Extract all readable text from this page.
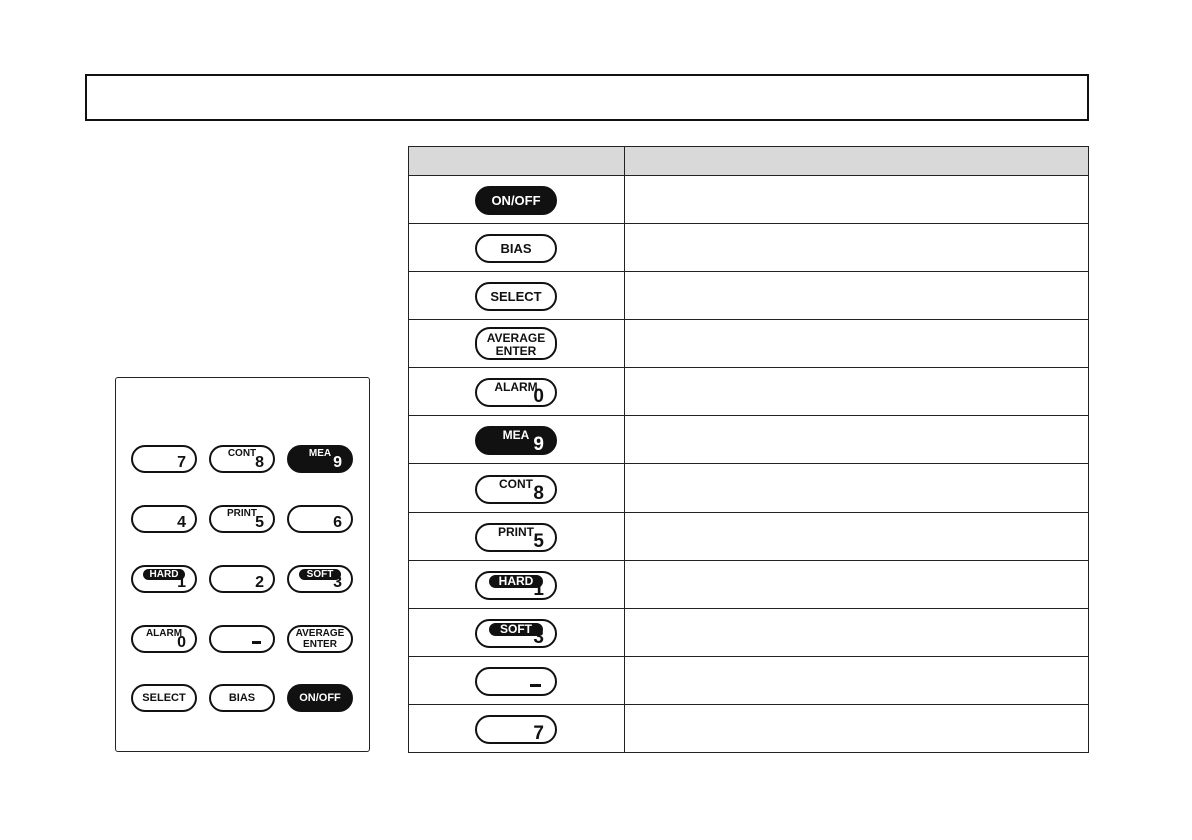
7
CONT
8
MEA
9
4
PRINT
5	6
HARD
1	2	SOFT 3
ALARM
0
AVERAGE
ENTER
SELECT	BIAS	ON/OFF

ON/OFF	

BIAS	

SELECT	

AVERAGE
ENTER	

ALARM
0	

MEA 9	

CONT 8	

PRINT 5	

HARD 1	

SOFT 3	

7	
